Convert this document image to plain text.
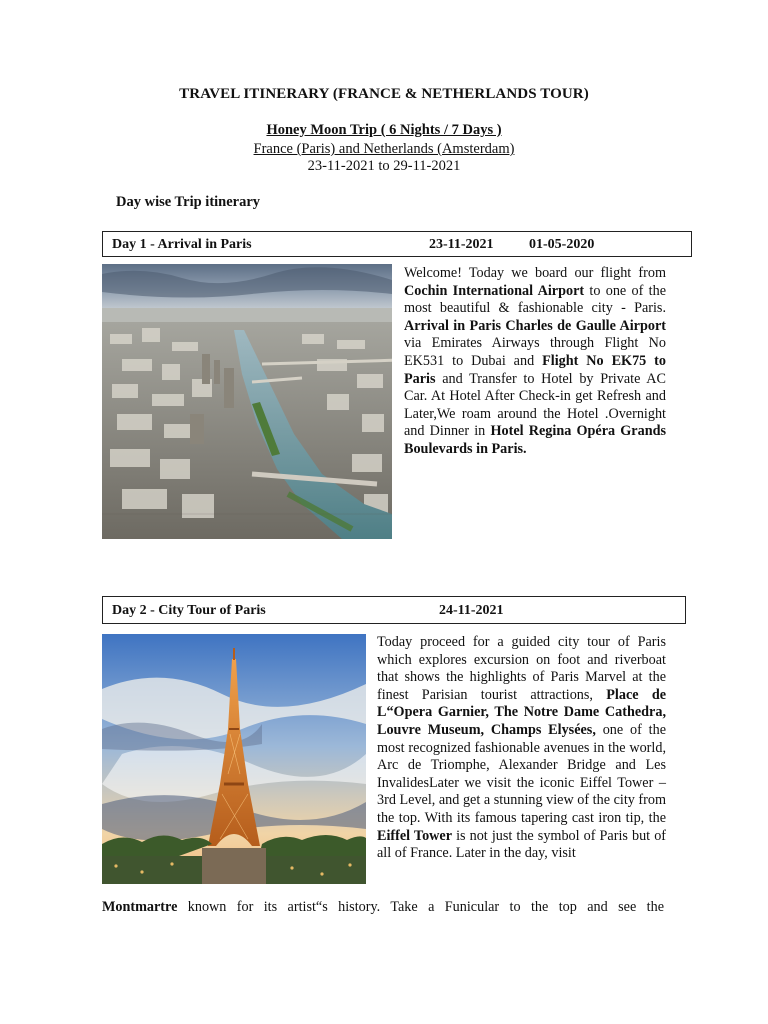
TRAVEL ITINERARY (FRANCE & NETHERLANDS TOUR)
Honey Moon Trip ( 6 Nights / 7 Days )
France (Paris) and Netherlands (Amsterdam)
23-11-2021 to 29-11-2021
Day wise Trip itinerary
Day 1 - Arrival in Paris	23-11-2021	01-05-2020
Welcome! Today we board our flight from Cochin International Airport to one of the most beautiful & fashionable city - Paris. Arrival in Paris Charles de Gaulle Airport via Emirates Airways through Flight No EK531 to Dubai and Flight No EK75 to Paris and Transfer to Hotel by Private AC Car. At Hotel After Check-in get Refresh and Later,We roam around the Hotel .Overnight and Dinner in Hotel Regina Opéra Grands Boulevards in Paris.
Day 2 - City Tour of Paris	24-11-2021
Today proceed for a guided city tour of Paris which explores excursion on foot and riverboat that shows the highlights of Paris Marvel at the finest Parisian tourist attractions, Place de L“Opera Garnier, The Notre Dame Cathedra, Louvre Museum, Champs Elysées, one of the most recognized fashionable avenues in the world, Arc de Triomphe, Alexander Bridge and Les InvalidesLater we visit the iconic Eiffel Tower – 3rd Level, and get a stunning view of the city from the top. With its famous tapering cast iron tip, the Eiffel Tower is not just the symbol of Paris but of all of France. Later in the day, visit
Montmartre known for its artist“s history. Take a Funicular to the top and see the
